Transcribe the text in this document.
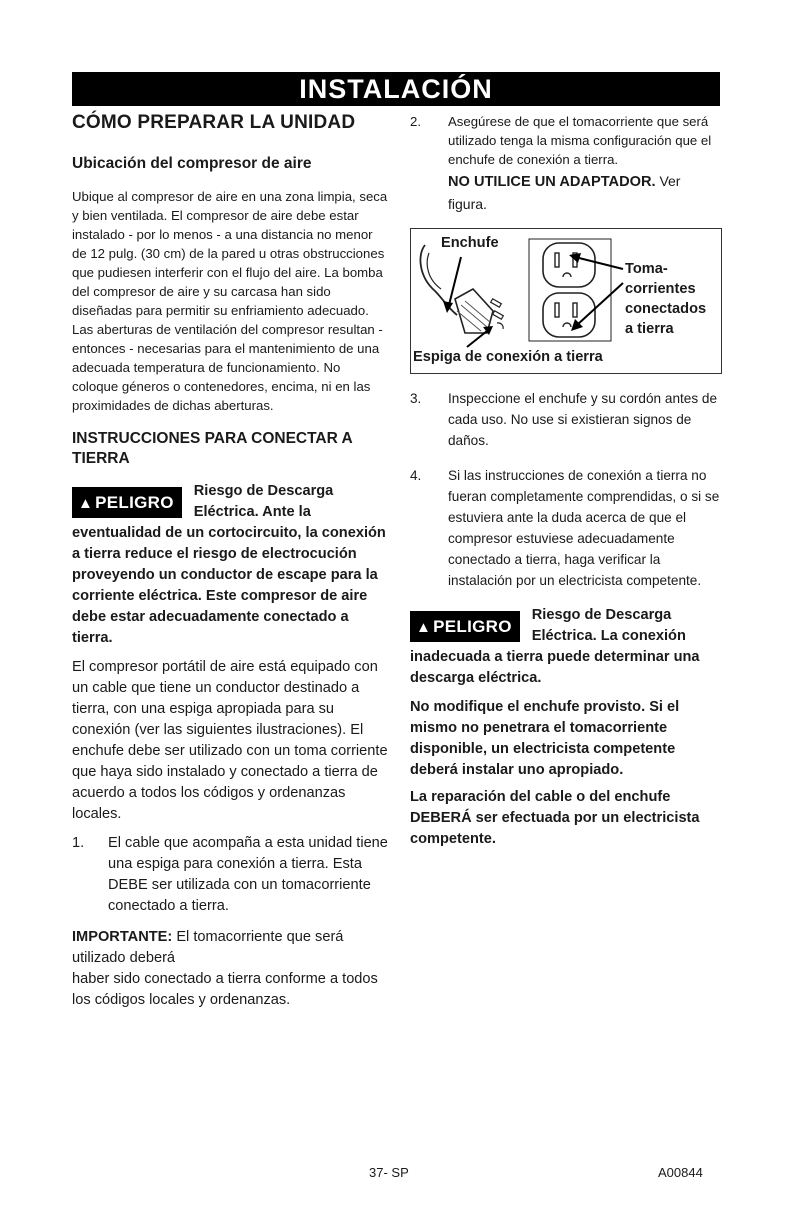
INSTALACIÓN
CÓMO PREPARAR LA UNIDAD
Ubicación del compresor de aire

Ubique al compresor de aire en una zona limpia, seca y bien ventilada. El compresor de aire debe estar instalado - por lo menos - a una distancia no menor de 12 pulg. (30 cm) de la pared u otras obstrucciones que pudiesen interferir con el flujo del aire. La bomba del compresor de aire y su carcasa han sido diseñadas para permitir su enfriamiento adecuado. Las aberturas de ventilación del compresor resultan - entonces - necesarias para el mantenimiento de una adecuada temperatura de funcionamiento. No coloque géneros o contenedores, encima, ni en las proximidades de dichas aberturas.

INSTRUCCIONES PARA CONECTAR A TIERRA
▲ PELIGRO
Riesgo de Descarga Eléctrica. Ante la eventualidad de un cortocircuito, la conexión a tierra reduce el riesgo de electrocución proveyendo un conductor de escape para la corriente eléctrica. Este compresor de aire debe estar adecuadamente conectado a tierra.

El compresor portátil de aire está equipado con un cable que tiene un conductor destinado a tierra, con una espiga apropiada para su conexión (ver las siguientes ilustraciones). El enchufe debe ser utilizado con un toma corriente que haya sido instalado y conectado a tierra de acuerdo a todos los códigos y ordenanzas locales.

1.	El cable que acompaña a esta unidad tiene una espiga para conexión a tierra. Esta DEBE ser utilizada con un tomacorriente conectado a tierra.

IMPORTANTE: El tomacorriente que será utilizado deberá

haber sido conectado a tierra conforme a todos los códigos locales y ordenanzas.

2.	Asegúrese de que el tomacorriente que será utilizado tenga la misma configuración que el enchufe de conexión a tierra.
NO UTILICE UN ADAPTADOR. Ver figura.
Enchufe
Toma-
corrientes
conectados
a tierra
Espiga de conexión a tierra
3.	Inspeccione el enchufe y su cordón antes de cada uso. No use si existieran signos de daños.
4.	Si las instrucciones de conexión a tierra no fueran completamente comprendidas, o si se estuviera ante la duda acerca de que el compresor estuviese adecuadamente conectado a tierra, haga verificar la instalación por un electricista competente.
▲ PELIGRO
Riesgo de Descarga Eléctrica. La conexión inadecuada a tierra puede determinar una descarga eléctrica.

No modifique el enchufe provisto. Si el mismo no penetrara el tomacorriente disponible, un electricista competente deberá instalar uno apropiado.

La reparación del cable o del enchufe DEBERÁ ser efectuada por un electricista competente.

37- SP	A00844
